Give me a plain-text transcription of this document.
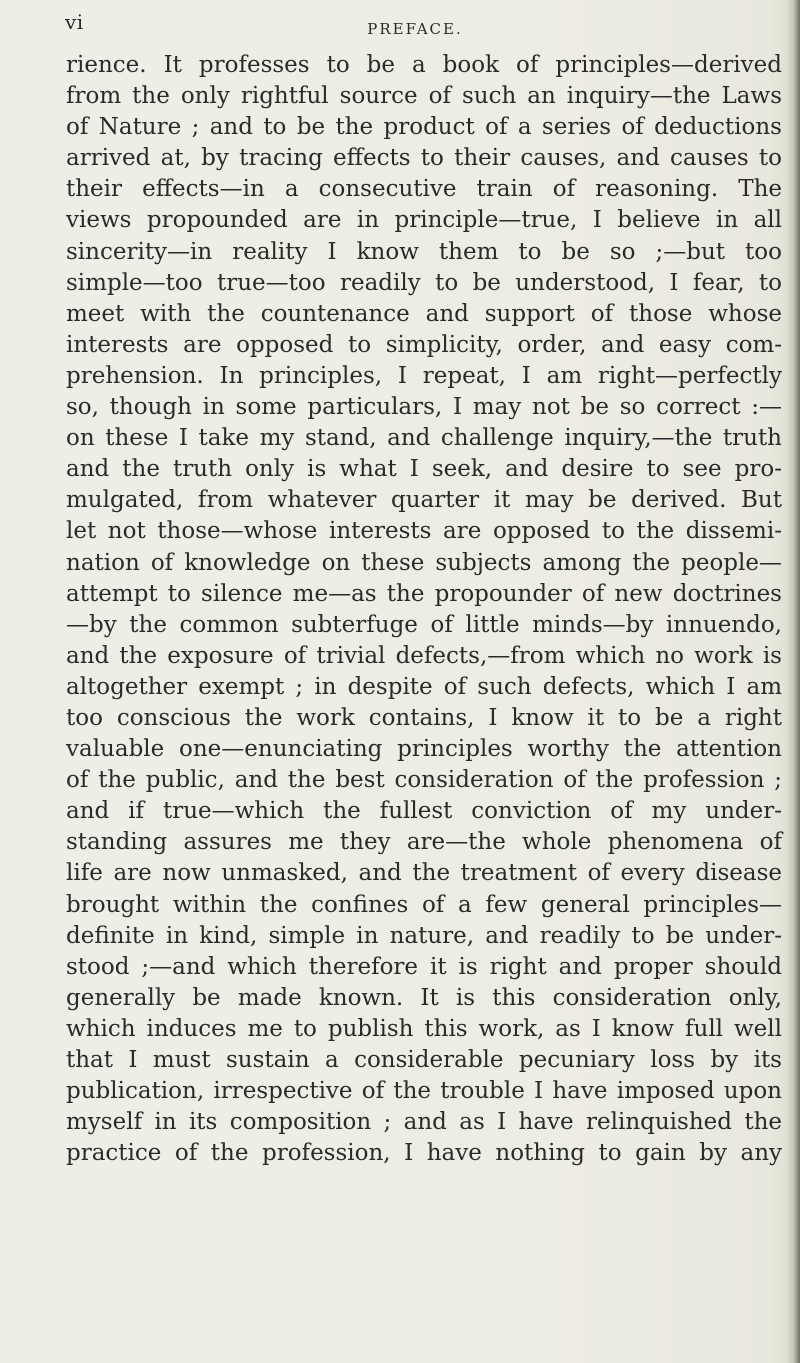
vi	PREFACE.
rience. It professes to be a book of principles—derived
from the only rightful source of such an inquiry—the Laws
of Nature ; and to be the product of a series of deductions
arrived at, by tracing effects to their causes, and causes to
their effects—in a consecutive train of reasoning. The
views propounded are in principle—true, I believe in all
sincerity—in reality I know them to be so ;—but too
simple—too true—too readily to be understood, I fear, to
meet with the countenance and support of those whose
interests are opposed to simplicity, order, and easy com-
prehension. In principles, I repeat, I am right—perfectly
so, though in some particulars, I may not be so correct :—
on these I take my stand, and challenge inquiry,—the truth
and the truth only is what I seek, and desire to see pro-
mulgated, from whatever quarter it may be derived. But
let not those—whose interests are opposed to the dissemi-
nation of knowledge on these subjects among the people—
attempt to silence me—as the propounder of new doctrines
—by the common subterfuge of little minds—by innuendo,
and the exposure of trivial defects,—from which no work is
altogether exempt ; in despite of such defects, which I am
too conscious the work contains, I know it to be a right
valuable one—enunciating principles worthy the attention
of the public, and the best consideration of the profession ;
and if true—which the fullest conviction of my under-
standing assures me they are—the whole phenomena of
life are now unmasked, and the treatment of every disease
brought within the confines of a few general principles—
definite in kind, simple in nature, and readily to be under-
stood ;—and which therefore it is right and proper should
generally be made known. It is this consideration only,
which induces me to publish this work, as I know full well
that I must sustain a considerable pecuniary loss by its
publication, irrespective of the trouble I have imposed upon
myself in its composition ; and as I have relinquished the
practice of the profession, I have nothing to gain by any
